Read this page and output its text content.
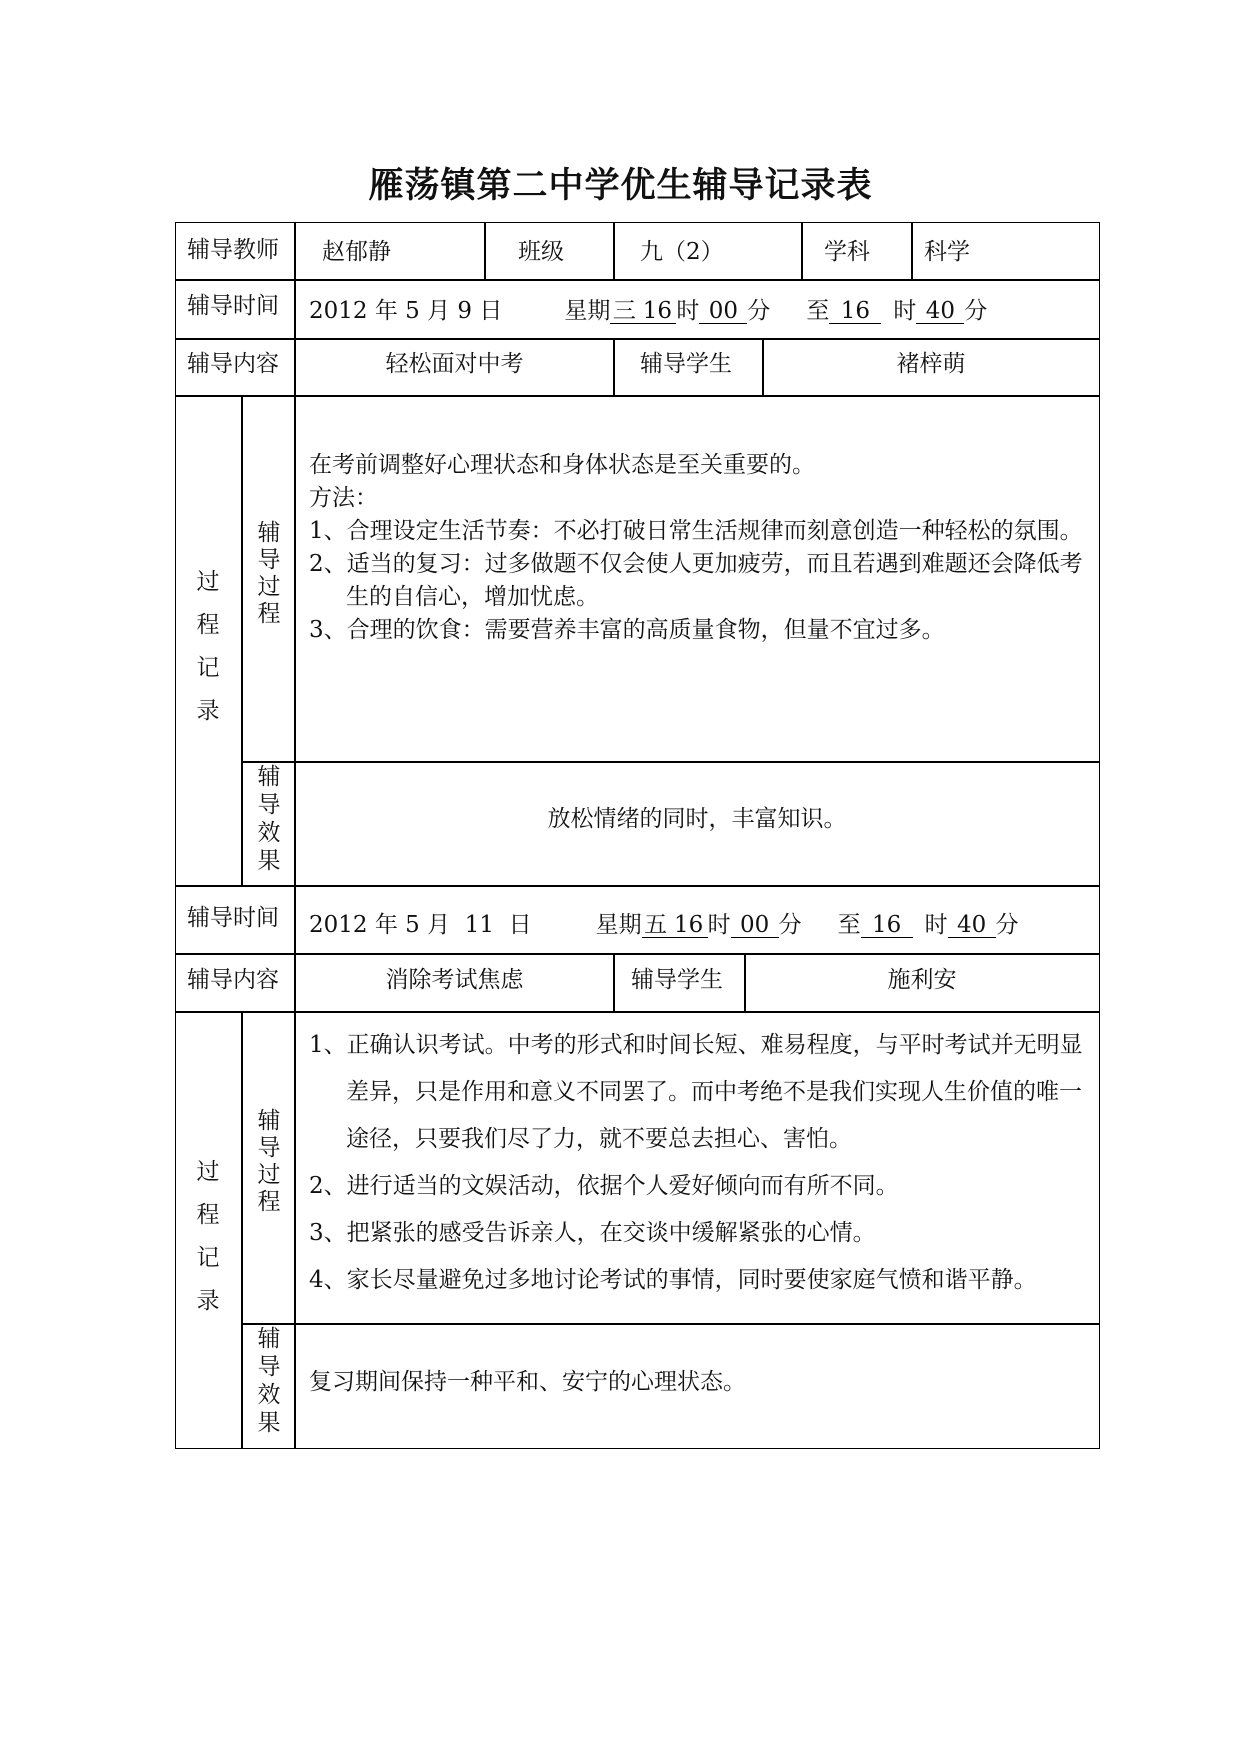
雁荡镇第二中学优生辅导记录表
辅导教师 赵郁静	班级	九（2）	学科 科学
辅导时间 2012 年 5 月 9 日	星期 三 16 时 00 分 至 16 时 40 分
辅导内容	轻松面对中考	辅导学生	褚梓萌
过
程
记
录
辅
导
过
程

在考前调整好心理状态和身体状态是至关重要的。

方法：

1、合理设定生活节奏：不必打破日常生活规律而刻意创造一种轻松的氛围。

2、适当的复习：过多做题不仅会使人更加疲劳，而且若遇到难题还会降低考生的自信心，增加忧虑。

3、合理的饮食：需要营养丰富的高质量食物，但量不宜过多。

辅
导
效
果
放松情绪的同时，丰富知识。
辅导时间 2012 年 5 月  11  日	星期 五 16 时 00 分 至 16 时 40 分
辅导内容	消除考试焦虑	辅导学生	施利安
过
程
记
录
辅
导
过
程

1、正确认识考试。中考的形式和时间长短、难易程度，与平时考试并无明显差异，只是作用和意义不同罢了。而中考绝不是我们实现人生价值的唯一途径，只要我们尽了力，就不要总去担心、害怕。

2、进行适当的文娱活动，依据个人爱好倾向而有所不同。

3、把紧张的感受告诉亲人，在交谈中缓解紧张的心情。

4、家长尽量避免过多地讨论考试的事情，同时要使家庭气愤和谐平静。

辅
导
效
果
复习期间保持一种平和、安宁的心理状态。
